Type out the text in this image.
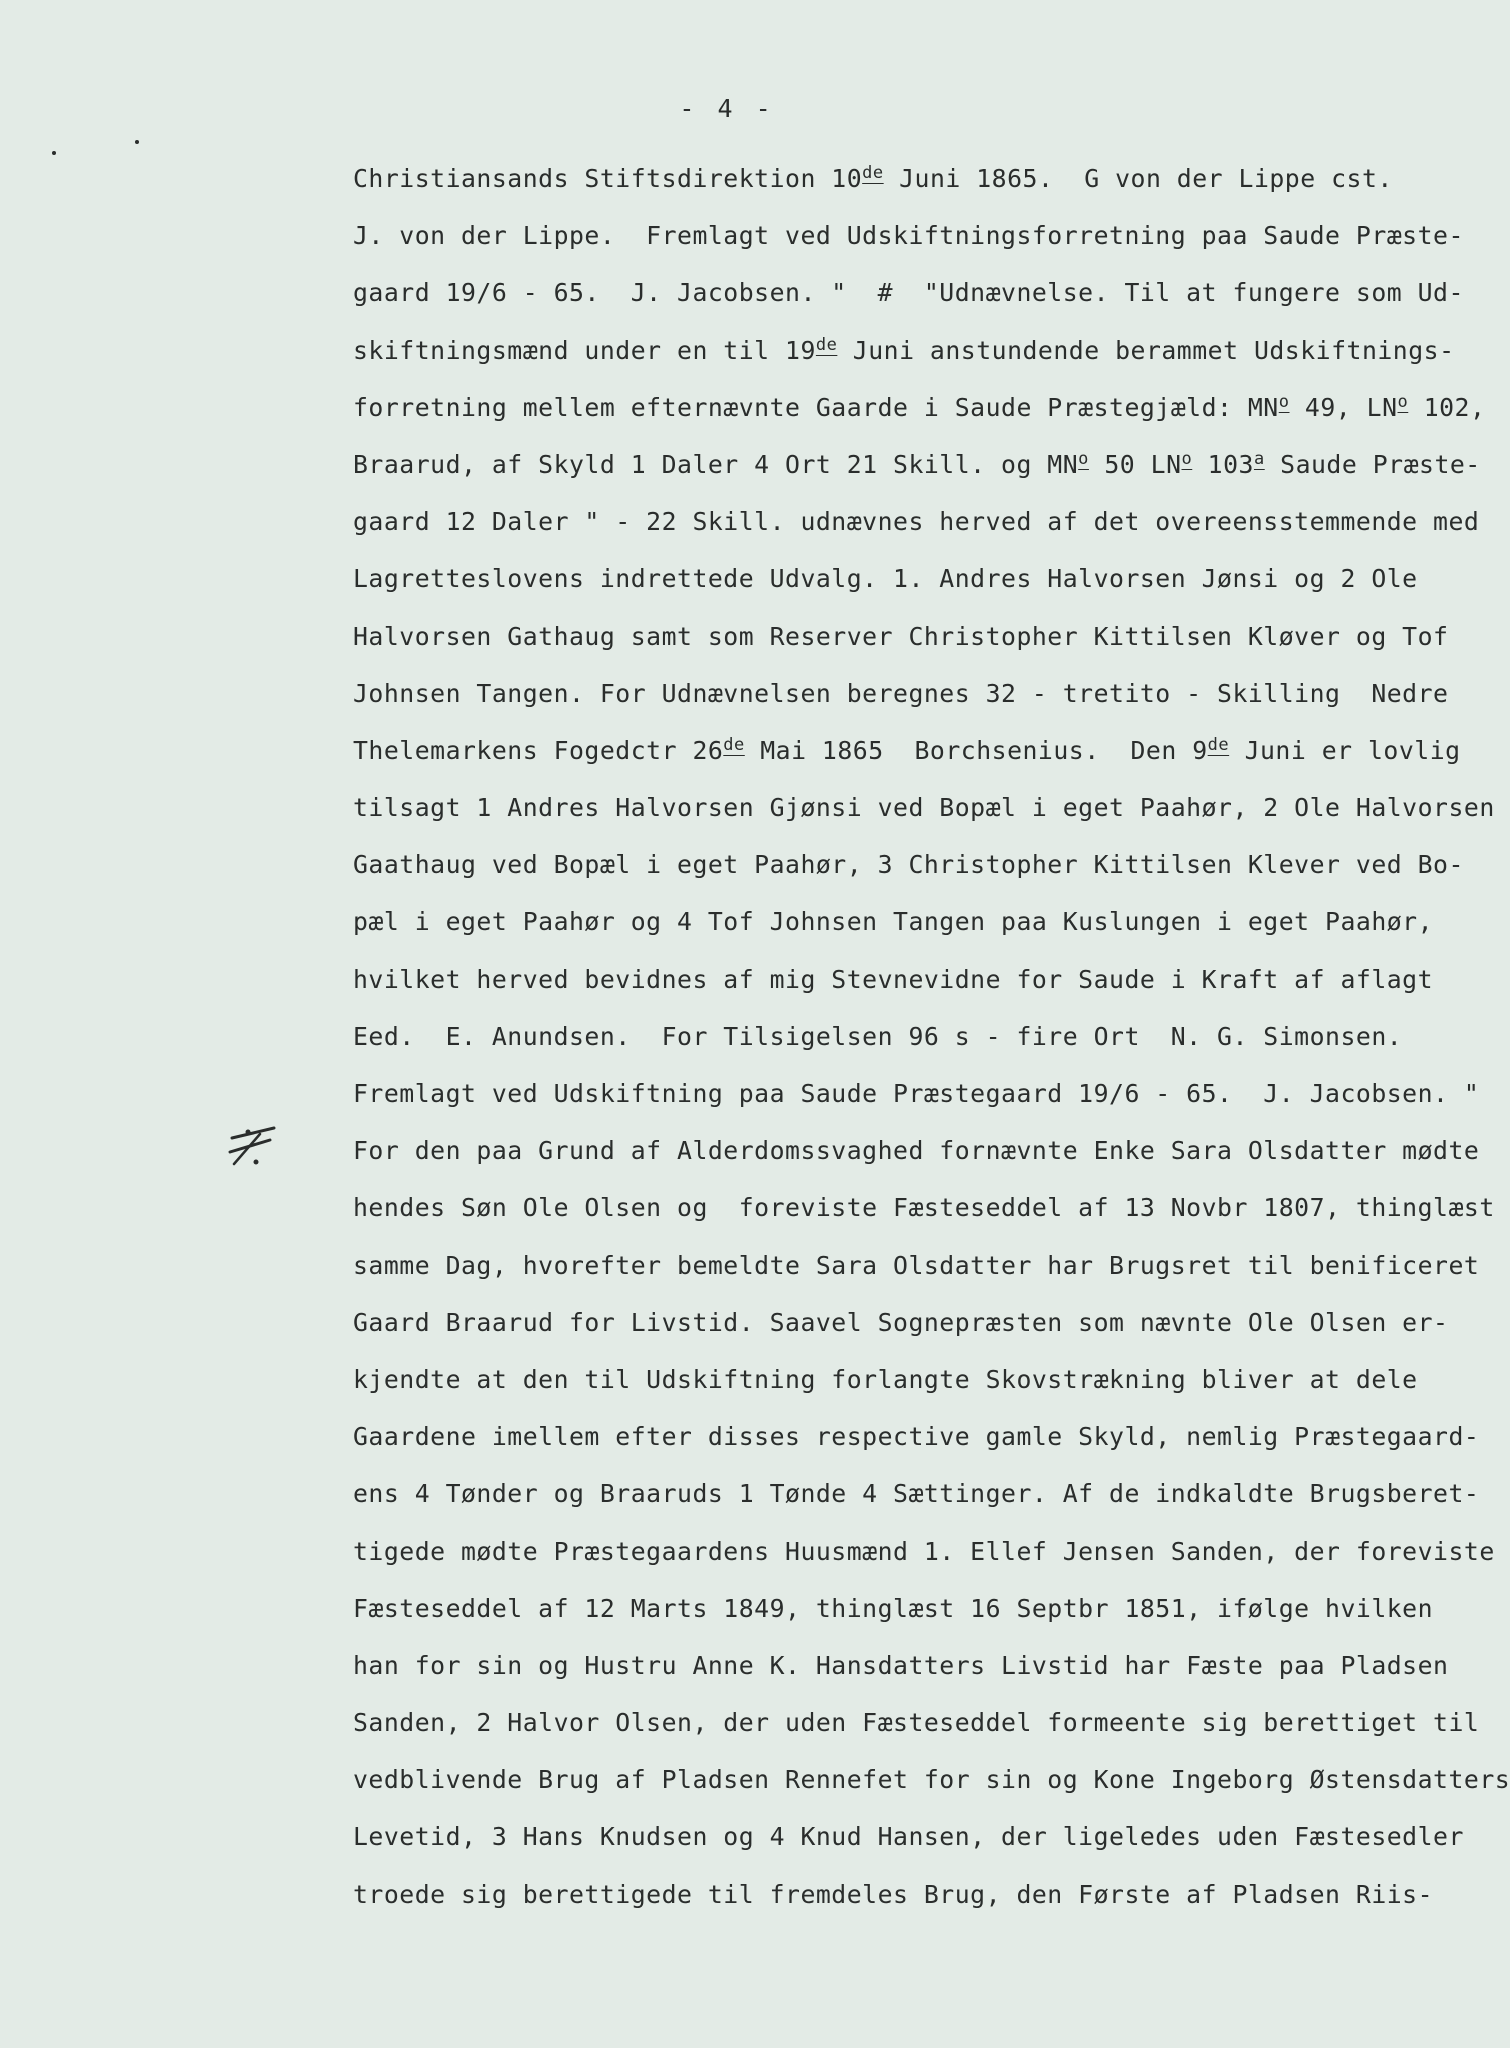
- 4 -
Christiansands Stiftsdirektion 10de Juni 1865.  G von der Lippe cst.
J. von der Lippe.  Fremlagt ved Udskiftningsforretning paa Saude Præste-
gaard 19/6 - 65.  J. Jacobsen. "  #  "Udnævnelse. Til at fungere som Ud-
skiftningsmænd under en til 19de Juni anstundende berammet Udskiftnings-
forretning mellem efternævnte Gaarde i Saude Præstegjæld: $MN^o$ 49, $LN^o$ 102,
Braarud, af Skyld 1 Daler 4 Ort 21 Skill. og $MN^o$ 50 $LN^o$ 103$^a$ Saude Præste-
gaard 12 Daler " - 22 Skill. udnævnes herved af det overeensstemmende med
Lagretteslovens indrettede Udvalg. 1. Andres Halvorsen Jønsi og 2 Ole
Halvorsen Gathaug samt som Reserver Christopher Kittilsen Kløver og Tof
Johnsen Tangen. For Udnævnelsen beregnes 32 - tretito - Skilling  Nedre
Thelemarkens Fogedctr 26de Mai 1865  Borchsenius.  Den 9de Juni er lovlig
tilsagt 1 Andres Halvorsen Gjønsi ved Bopæl i eget Paahør, 2 Ole Halvorsen
Gaathaug ved Bopæl i eget Paahør, 3 Christopher Kittilsen Klever ved Bo-
pæl i eget Paahør og 4 Tof Johnsen Tangen paa Kuslungen i eget Paahør,
hvilket herved bevidnes af mig Stevnevidne for Saude i Kraft af aflagt
Eed.  E. Anundsen.  For Tilsigelsen 96 s - fire Ort  N. G. Simonsen.
Fremlagt ved Udskiftning paa Saude Præstegaard 19/6 - 65.  J. Jacobsen. "
For den paa Grund af Alderdomssvaghed fornævnte Enke Sara Olsdatter mødte
hendes Søn Ole Olsen og  foreviste Fæsteseddel af 13 Novbr 1807, thinglæst
samme Dag, hvorefter bemeldte Sara Olsdatter har Brugsret til benificeret
Gaard Braarud for Livstid. Saavel Sognepræsten som nævnte Ole Olsen er-
kjendte at den til Udskiftning forlangte Skovstrækning bliver at dele
Gaardene imellem efter disses respective gamle Skyld, nemlig Præstegaard-
ens 4 Tønder og Braaruds 1 Tønde 4 Sættinger. Af de indkaldte Brugsberet-
tigede mødte Præstegaardens Huusmænd 1. Ellef Jensen Sanden, der foreviste
Fæsteseddel af 12 Marts 1849, thinglæst 16 Septbr 1851, ifølge hvilken
han for sin og Hustru Anne K. Hansdatters Livstid har Fæste paa Pladsen
Sanden, 2 Halvor Olsen, der uden Fæsteseddel formeente sig berettiget til
vedblivende Brug af Pladsen Rennefet for sin og Kone Ingeborg Østensdatters
Levetid, 3 Hans Knudsen og 4 Knud Hansen, der ligeledes uden Fæstesedler
troede sig berettigede til fremdeles Brug, den Første af Pladsen Riis-
